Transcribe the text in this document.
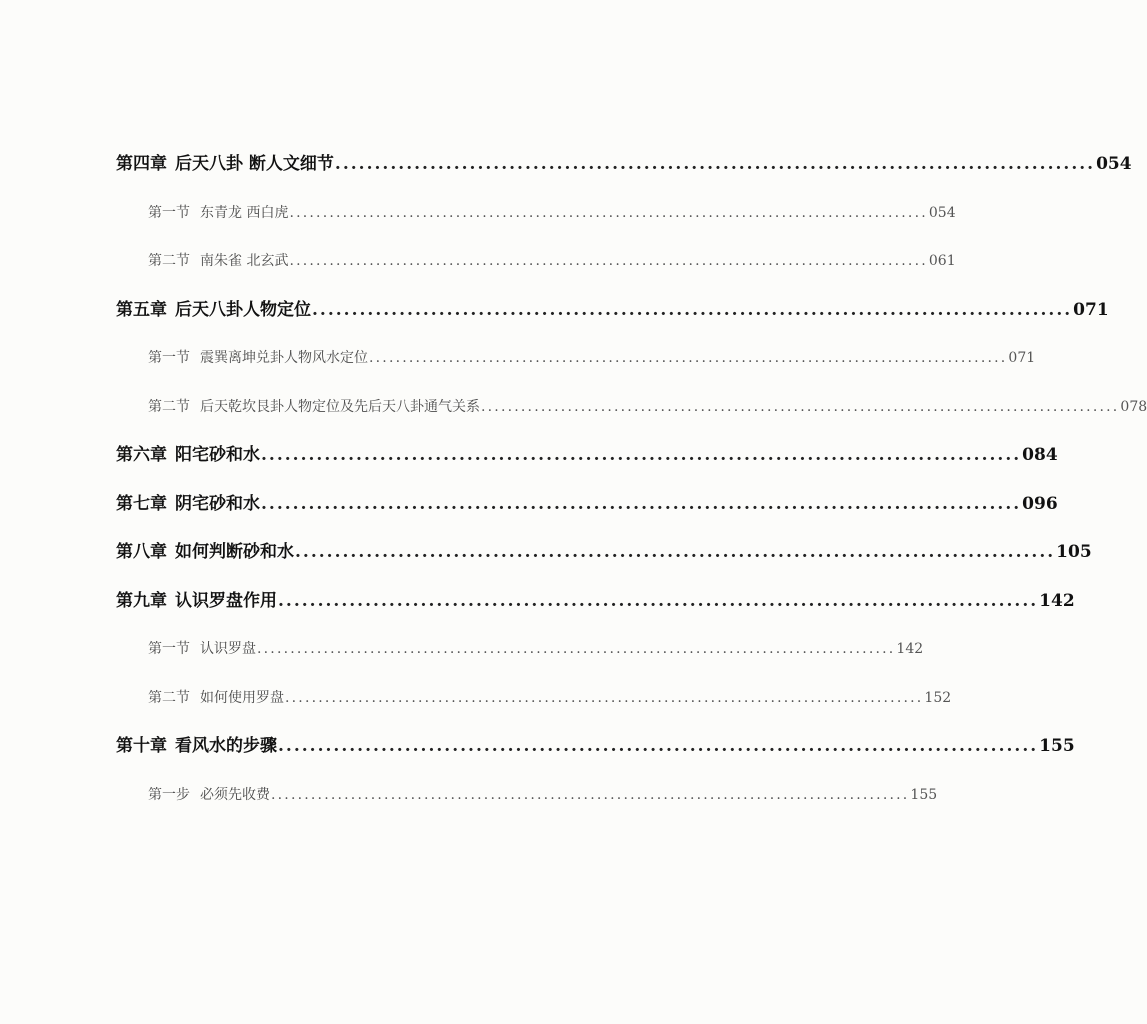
第四章 后天八卦 断人文细节 ................................................................................................ 054
第一节 东青龙 西白虎 ................................................................................................ 054
第二节 南朱雀 北玄武 ................................................................................................ 061
第五章 后天八卦人物定位 ................................................................................................ 071
第一节 震巽离坤兑卦人物风水定位 ................................................................................................ 071
第二节 后天乾坎艮卦人物定位及先后天八卦通气关系 ................................................................................................ 078
第六章 阳宅砂和水 ................................................................................................ 084
第七章 阴宅砂和水 ................................................................................................ 096
第八章 如何判断砂和水 ................................................................................................ 105
第九章 认识罗盘作用 ................................................................................................ 142
第一节 认识罗盘 ................................................................................................ 142
第二节 如何使用罗盘 ................................................................................................ 152
第十章 看风水的步骤 ................................................................................................ 155
第一步 必须先收费 ................................................................................................ 155
